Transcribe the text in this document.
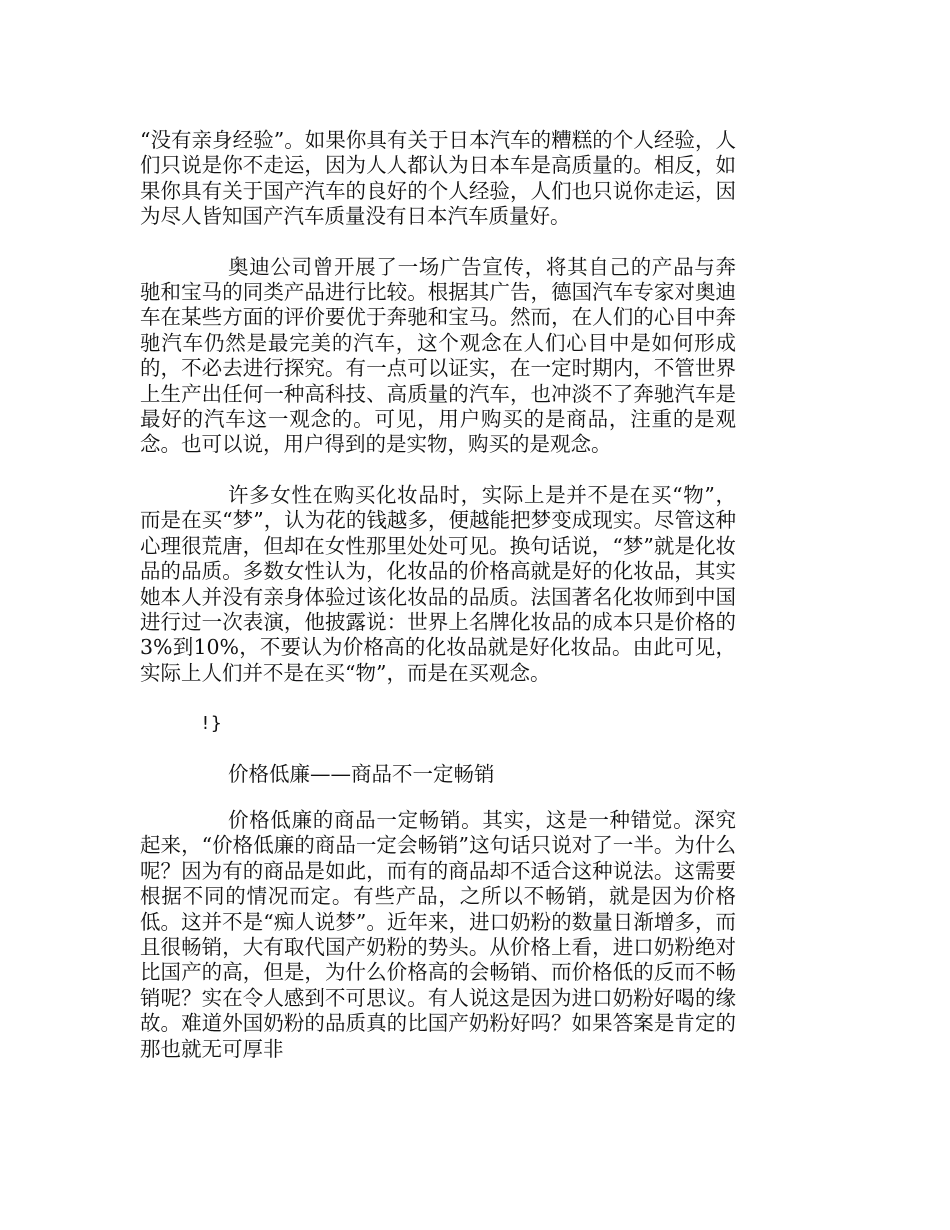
“没有亲身经验”。如果你具有关于日本汽车的糟糕的个人经验，人们只说是你不走运，因为人人都认为日本车是高质量的。相反，如果你具有关于国产汽车的良好的个人经验，人们也只说你走运，因为尽人皆知国产汽车质量没有日本汽车质量好。

奥迪公司曾开展了一场广告宣传，将其自己的产品与奔驰和宝马的同类产品进行比较。根据其广告，德国汽车专家对奥迪车在某些方面的评价要优于奔驰和宝马。然而，在人们的心目中奔驰汽车仍然是最完美的汽车，这个观念在人们心目中是如何形成的，不必去进行探究。有一点可以证实，在一定时期内，不管世界上生产出任何一种高科技、高质量的汽车，也冲淡不了奔驰汽车是最好的汽车这一观念的。可见，用户购买的是商品，注重的是观念。也可以说，用户得到的是实物，购买的是观念。

许多女性在购买化妆品时，实际上是并不是在买“物”，而是在买“梦”，认为花的钱越多，便越能把梦变成现实。尽管这种心理很荒唐，但却在女性那里处处可见。换句话说，“梦”就是化妆品的品质。多数女性认为，化妆品的价格高就是好的化妆品，其实她本人并没有亲身体验过该化妆品的品质。法国著名化妆师到中国进行过一次表演，他披露说：世界上名牌化妆品的成本只是价格的3%到10%，不要认为价格高的化妆品就是好化妆品。由此可见，实际上人们并不是在买“物”，而是在买观念。

!}

价格低廉——商品不一定畅销

价格低廉的商品一定畅销。其实，这是一种错觉。深究起来，“价格低廉的商品一定会畅销”这句话只说对了一半。为什么呢？因为有的商品是如此，而有的商品却不适合这种说法。这需要根据不同的情况而定。有些产品，之所以不畅销，就是因为价格低。这并不是“痴人说梦”。近年来，进口奶粉的数量日渐增多，而且很畅销，大有取代国产奶粉的势头。从价格上看，进口奶粉绝对比国产的高，但是，为什么价格高的会畅销、而价格低的反而不畅销呢？实在令人感到不可思议。有人说这是因为进口奶粉好喝的缘故。难道外国奶粉的品质真的比国产奶粉好吗？如果答案是肯定的那也就无可厚非
